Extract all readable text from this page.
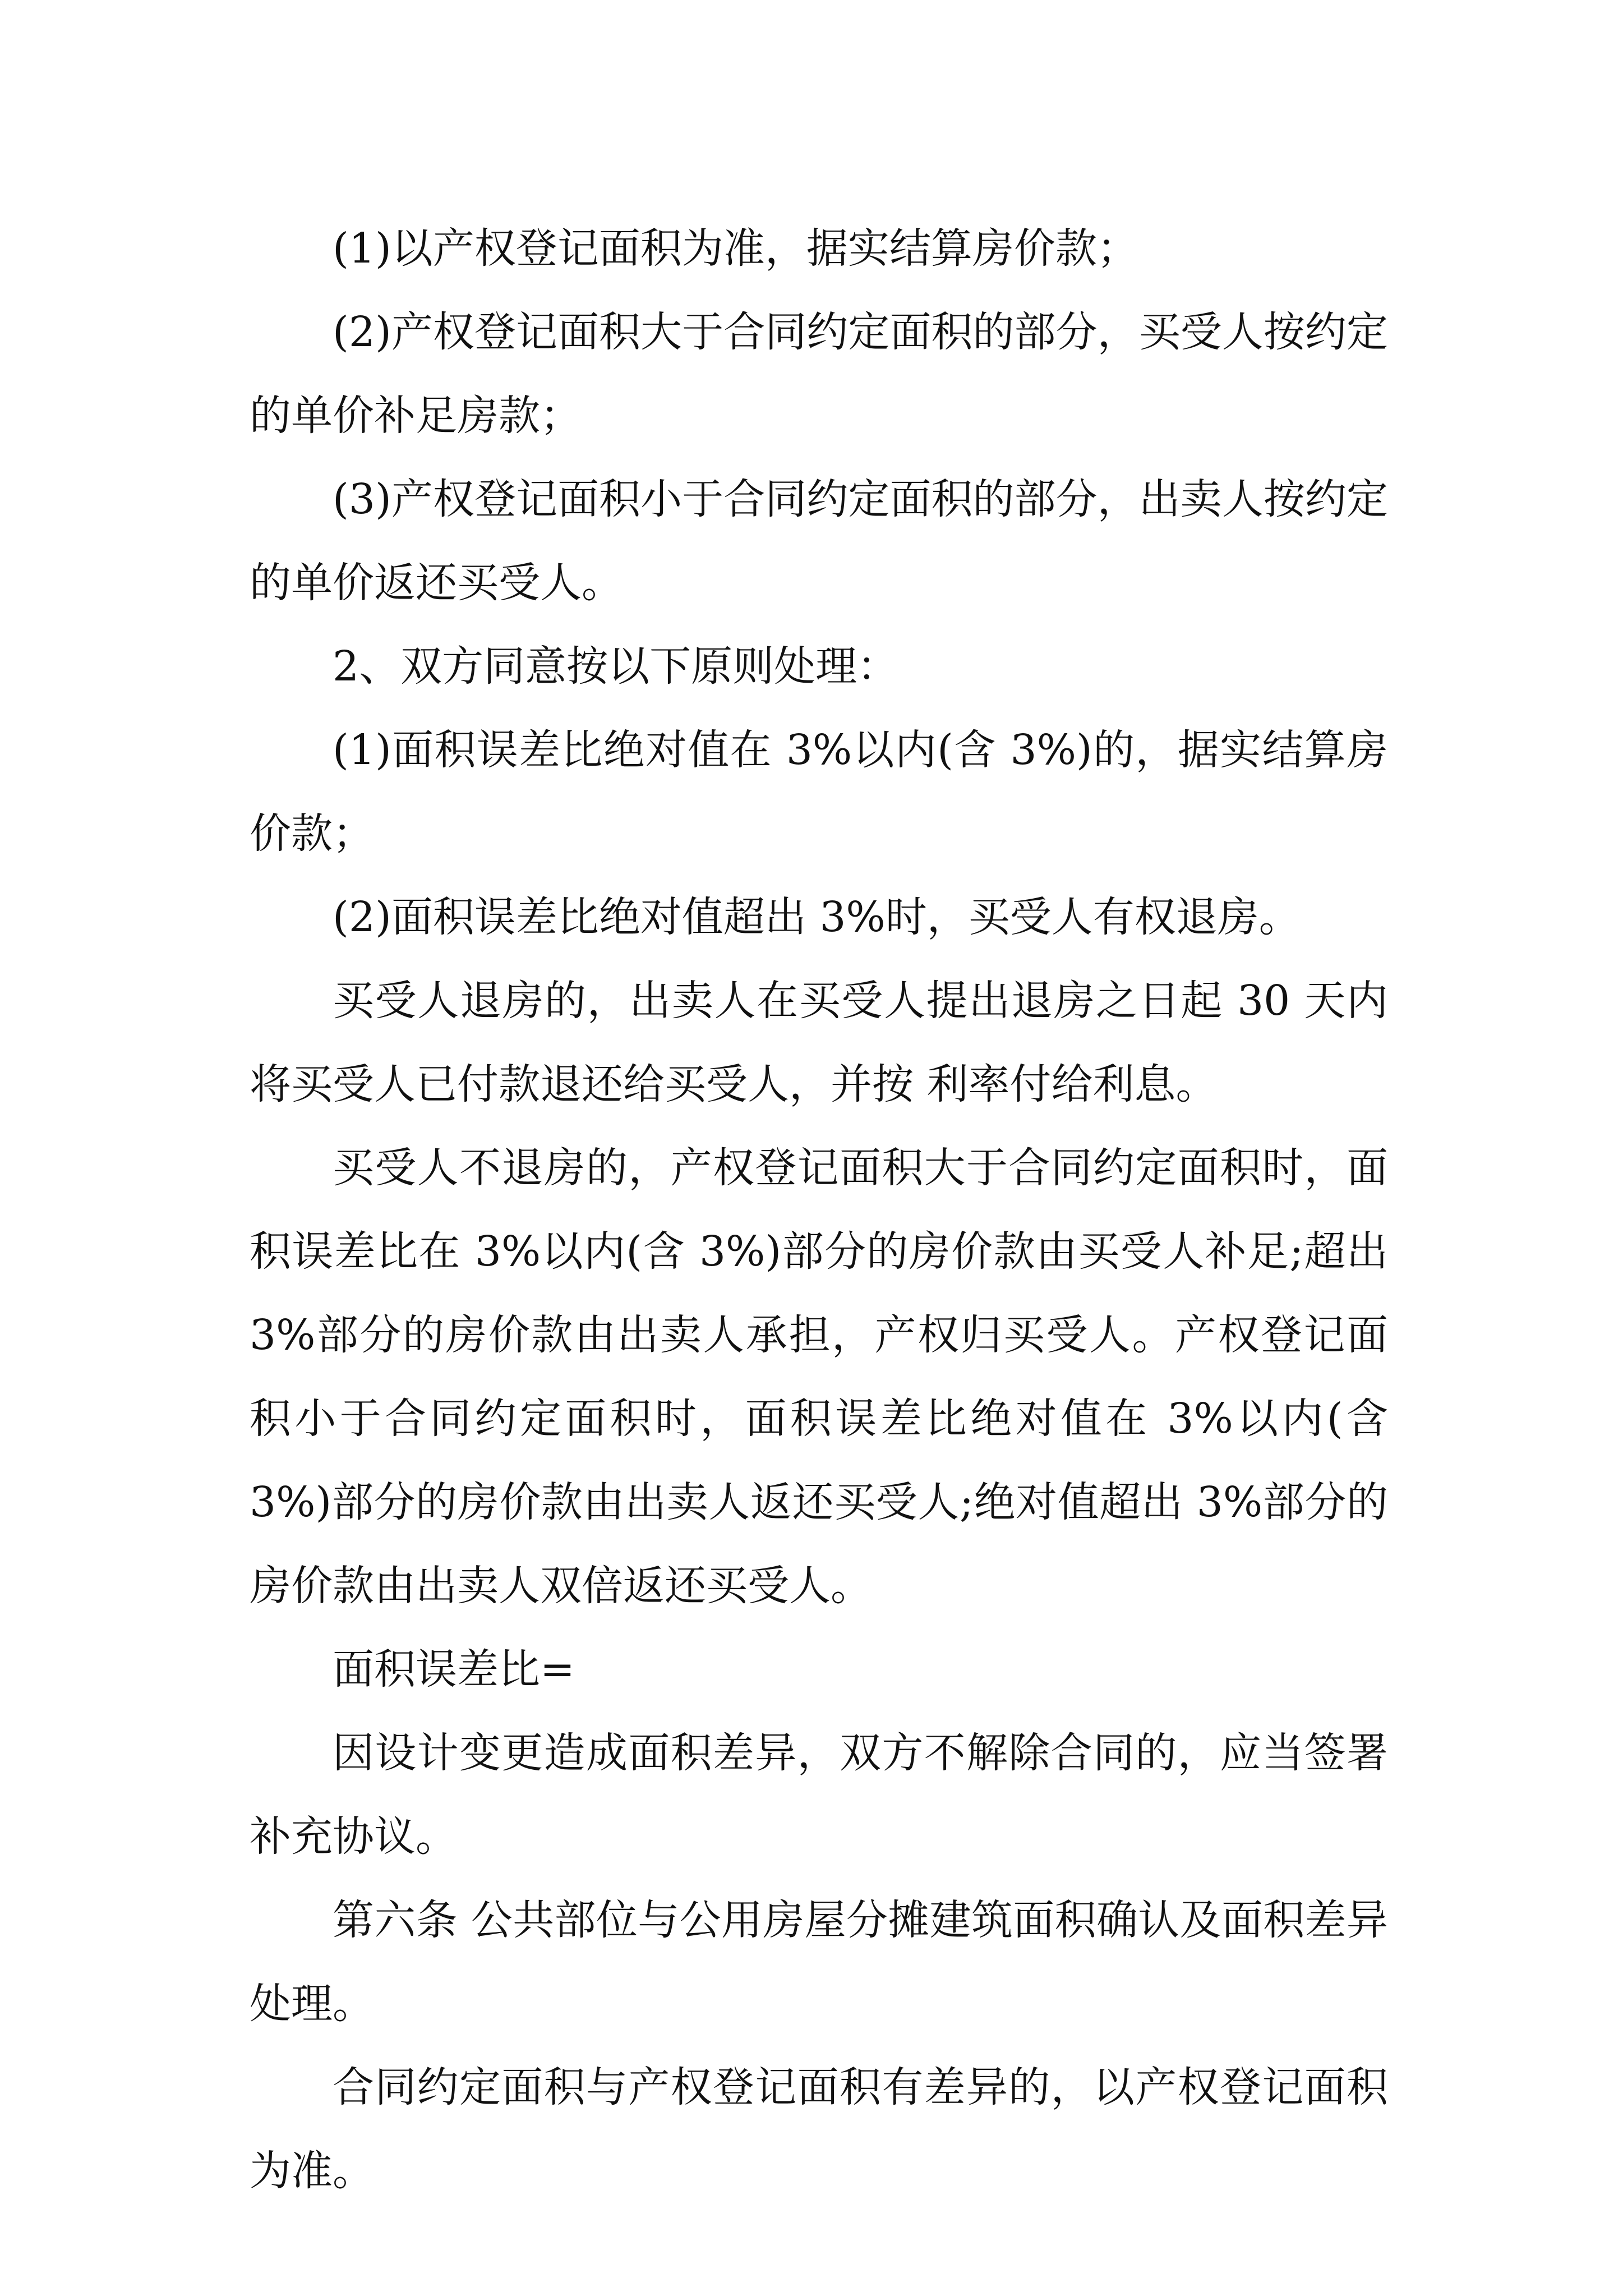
(1)以产权登记面积为准，据实结算房价款；

(2)产权登记面积大于合同约定面积的部分，买受人按约定的单价补足房款；

(3)产权登记面积小于合同约定面积的部分，出卖人按约定的单价返还买受人。

2、双方同意按以下原则处理：

(1)面积误差比绝对值在 3%以内(含 3%)的，据实结算房价款；

(2)面积误差比绝对值超出 3%时，买受人有权退房。

买受人退房的，出卖人在买受人提出退房之日起 30 天内将买受人已付款退还给买受人，并按 利率付给利息。

买受人不退房的，产权登记面积大于合同约定面积时，面积误差比在 3%以内(含 3%)部分的房价款由买受人补足;超出 3%部分的房价款由出卖人承担，产权归买受人。产权登记面积小于合同约定面积时，面积误差比绝对值在 3%以内(含 3%)部分的房价款由出卖人返还买受人;绝对值超出 3%部分的房价款由出卖人双倍返还买受人。

面积误差比=

因设计变更造成面积差异，双方不解除合同的，应当签署补充协议。

第六条 公共部位与公用房屋分摊建筑面积确认及面积差异处理。

合同约定面积与产权登记面积有差异的，以产权登记面积为准。
